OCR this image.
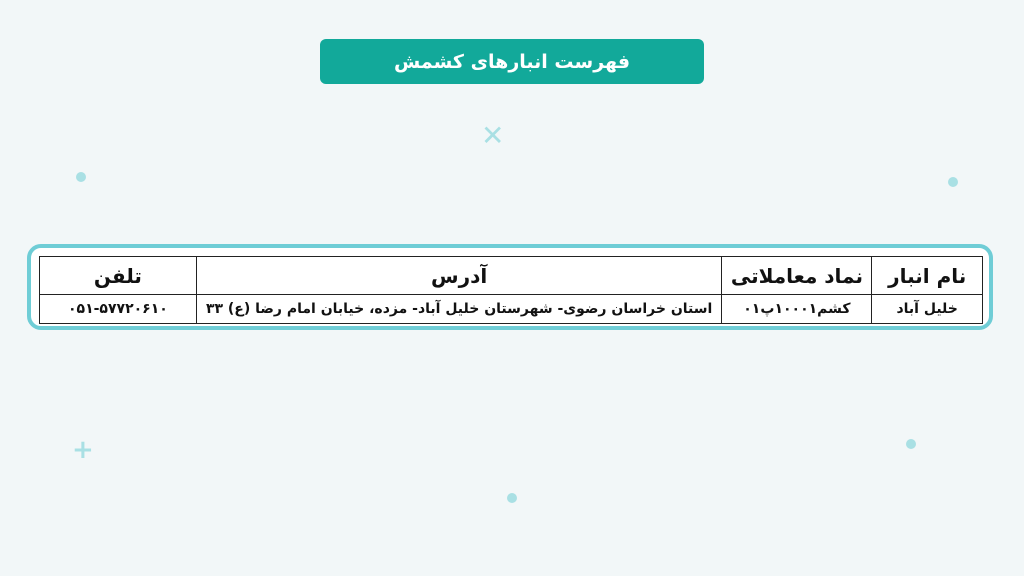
فهرست انبارهای کشمش
✕
+
نام انبار	نماد معاملاتی	آدرس	تلفن
خلیل آباد	کشم۱۰۰۰۱پ۰۱	استان خراسان رضوی- شهرستان خلیل آباد- مزده، خیابان امام رضا (ع) ۳۳	۰۵۱-۵۷۷۲۰۶۱۰
